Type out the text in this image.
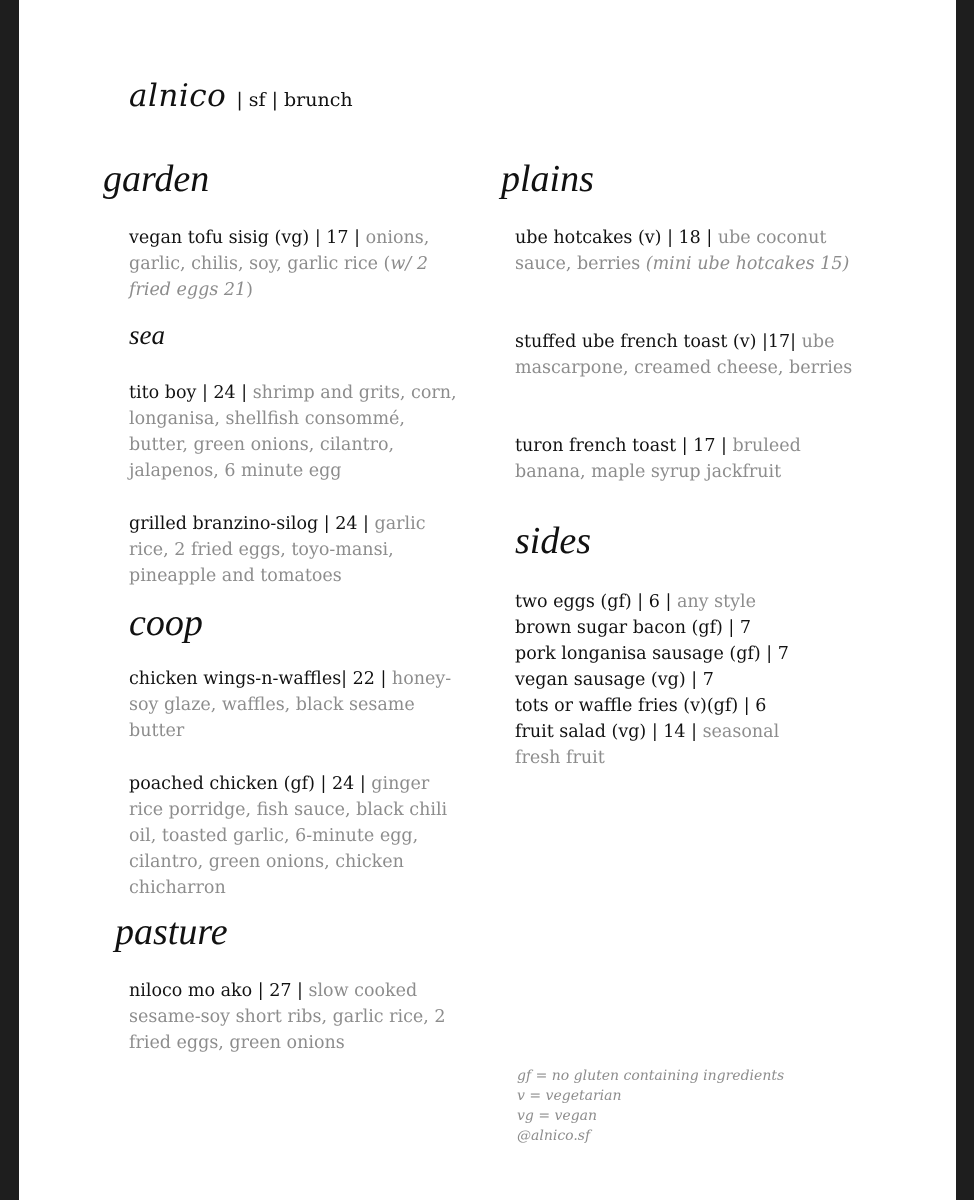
alnico | sf | brunch
garden
vegan tofu sisig (vg) | 17 | onions, garlic, chilis, soy, garlic rice (w/ 2 fried eggs 21)
sea
tito boy | 24 | shrimp and grits, corn, longanisa, shellfish consommé, butter, green onions, cilantro, jalapenos, 6 minute egg
grilled branzino-silog | 24 | garlic rice, 2 fried eggs, toyo-mansi, pineapple and tomatoes
coop
chicken wings-n-waffles| 22 | honey-soy glaze, waffles, black sesame butter
poached chicken (gf) | 24 | ginger rice porridge, fish sauce, black chili oil, toasted garlic, 6-minute egg, cilantro, green onions, chicken chicharron
pasture
niloco mo ako | 27 | slow cooked sesame-soy short ribs, garlic rice, 2 fried eggs, green onions
plains
ube hotcakes (v) | 18 | ube coconut sauce, berries (mini ube hotcakes 15)
stuffed ube french toast (v) |17| ube mascarpone, creamed cheese, berries
turon french toast | 17 | bruleed banana, maple syrup jackfruit
sides
two eggs (gf) | 6 | any style
brown sugar bacon (gf) | 7
pork longanisa sausage (gf) | 7
vegan sausage (vg) | 7
tots or waffle fries (v)(gf) | 6
fruit salad (vg) | 14 | seasonal fresh fruit
gf = no gluten containing ingredients
v = vegetarian
vg = vegan
@alnico.sf
